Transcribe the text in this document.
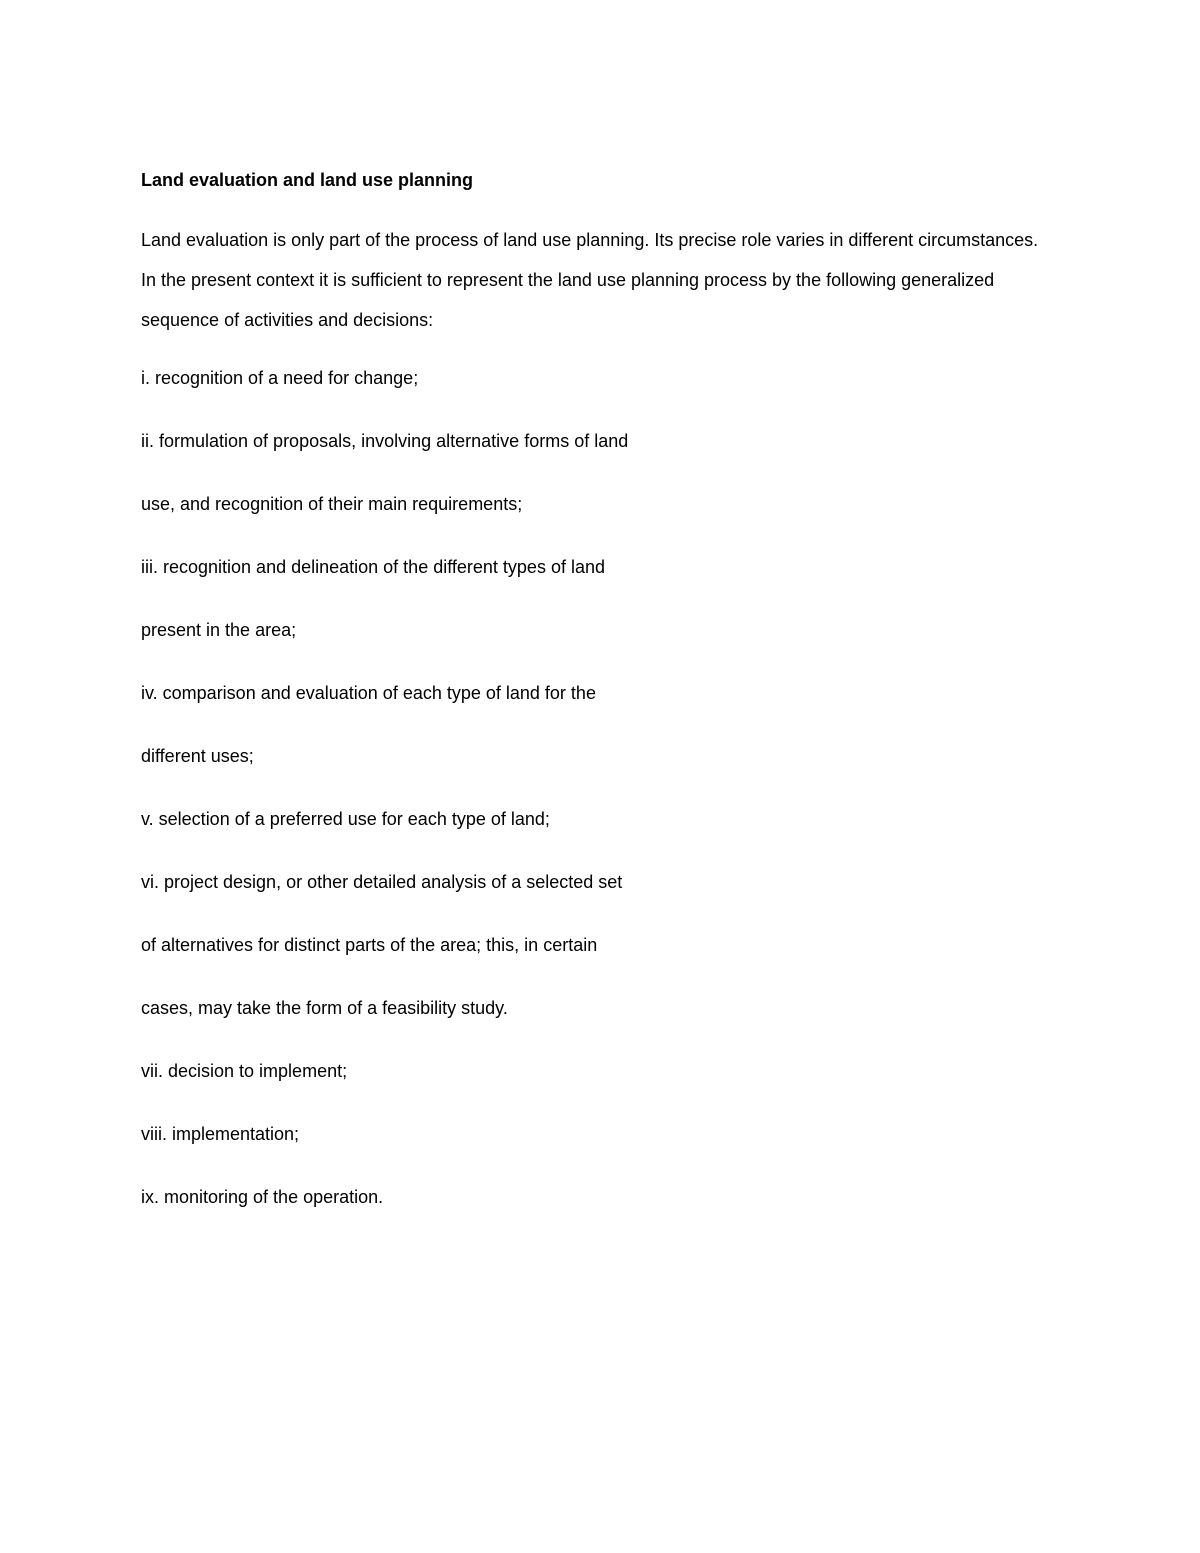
Land evaluation and land use planning
Land evaluation is only part of the process of land use planning. Its precise role varies in different circumstances. In the present context it is sufficient to represent the land use planning process by the following generalized sequence of activities and decisions:
i. recognition of a need for change;
ii. formulation of proposals, involving alternative forms of land
use, and recognition of their main requirements;
iii. recognition and delineation of the different types of land
present in the area;
iv. comparison and evaluation of each type of land for the
different uses;
v. selection of a preferred use for each type of land;
vi. project design, or other detailed analysis of a selected set
of alternatives for distinct parts of the area; this, in certain
cases, may take the form of a feasibility study.
vii. decision to implement;
viii. implementation;
ix. monitoring of the operation.
